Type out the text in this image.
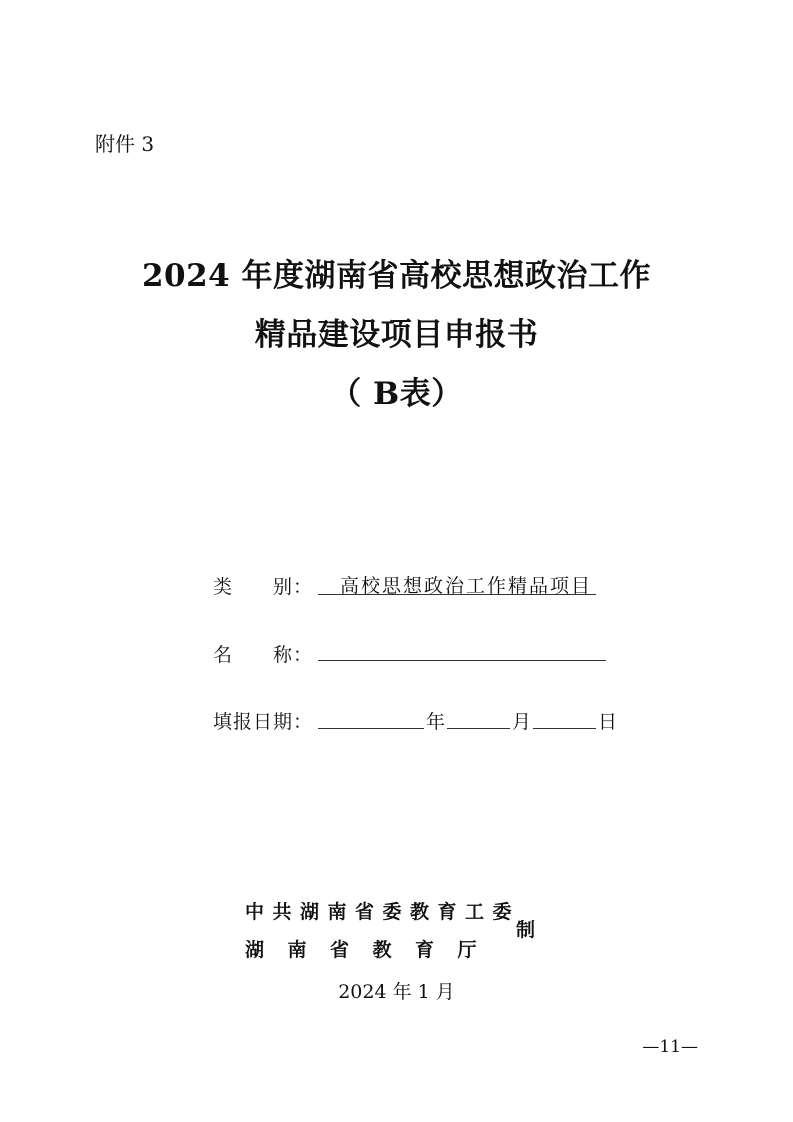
附件 3
2024 年度湖南省高校思想政治工作
精品建设项目申报书
（ B表）
类　　别：	高校思想政治工作精品项目
名　　称：
填报日期：	年	月	日
中共湖南省委教育工委
湖南省教育厅
制
2024 年 1 月
—11—
